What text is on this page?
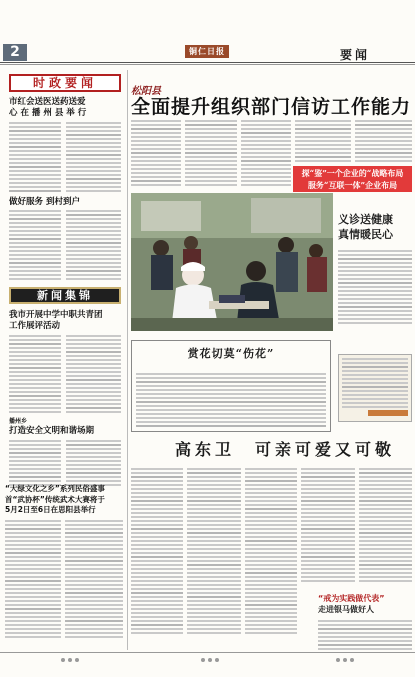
2	铜仁日报	要闻
时政要闻
市红会送医送药送爱
心 在 播 州 县 举 行
做好服务 到村到户
新闻集锦
我市开展中学中职共青团
工作展评活动
播州乡
打造安全文明和谐场期
“大绿文化之乡”系列民俗盛事
首“武协杯”传统武术大赛将于
5月2日至6日在思阳县举行
松阳县
全面提升组织部门信访工作能力
探“鉴”一个企业的“战略布局
服务“互联一体”企业布局
义诊送健康
真情暖民心
赏花切莫“伤花”
高东卫　可亲可爱又可敬
“戒为实践做代表”
走进银马做好人
